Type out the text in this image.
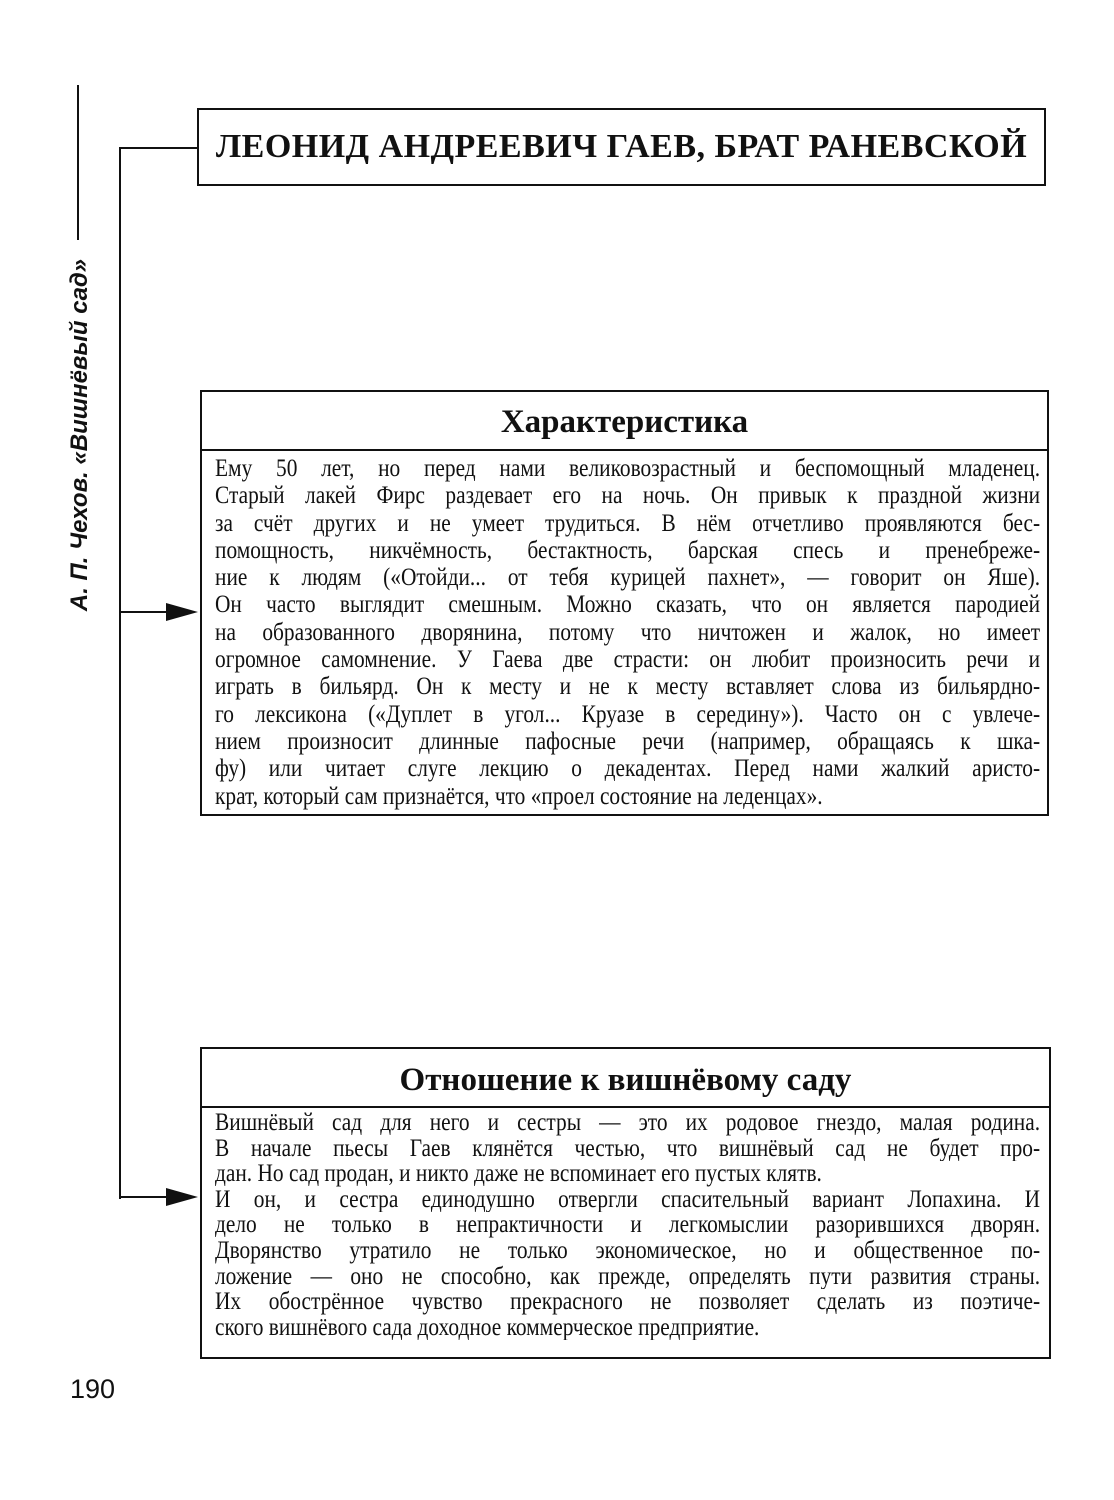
А. П. Чехов. «Вишнёвый сад»
ЛЕОНИД АНДРЕЕВИЧ ГАЕВ, БРАТ РАНЕВСКОЙ
Характеристика
Ему 50 лет, но перед нами великовозрастный и беспомощный младенец.
Старый лакей Фирс раздевает его на ночь. Он привык к праздной жизни
за счёт других и не умеет трудиться. В нём отчетливо проявляются бес-
помощность, никчёмность, бестактность, барская спесь и пренебреже-
ние к людям («Отойди... от тебя курицей пахнет», — говорит он Яше).
Он часто выглядит смешным. Можно сказать, что он является пародией
на образованного дворянина, потому что ничтожен и жалок, но имеет
огромное самомнение. У Гаева две страсти: он любит произносить речи и
играть в бильярд. Он к месту и не к месту вставляет слова из бильярдно-
го лексикона («Дуплет в угол... Круазе в середину»). Часто он с увлече-
нием произносит длинные пафосные речи (например, обращаясь к шка-
фу) или читает слуге лекцию о декадентах. Перед нами жалкий аристо-
крат, который сам признаётся, что «проел состояние на леденцах».
Отношение к вишнёвому саду
Вишнёвый сад для него и сестры — это их родовое гнездо, малая родина.
В начале пьесы Гаев клянётся честью, что вишнёвый сад не будет про-
дан. Но сад продан, и никто даже не вспоминает его пустых клятв.
И он, и сестра единодушно отвергли спасительный вариант Лопахина. И
дело не только в непрактичности и легкомыслии разорившихся дворян.
Дворянство утратило не только экономическое, но и общественное по-
ложение — оно не способно, как прежде, определять пути развития страны.
Их обострённое чувство прекрасного не позволяет сделать из поэтиче-
ского вишнёвого сада доходное коммерческое предприятие.
190
